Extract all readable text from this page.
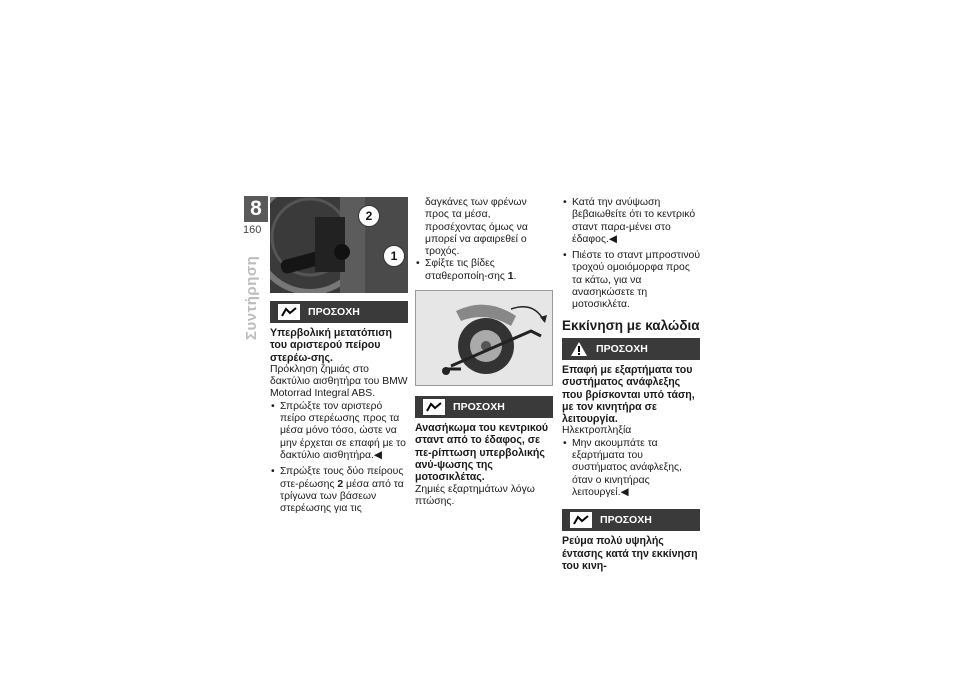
8
160
Συντήρηση
2
1
ΠΡΟΣΟΧΗ

Υπερβολική μετατόπιση του αριστερού πείρου στερέω-σης.

Πρόκληση ζημιάς στο δακτύλιο αισθητήρα του BMW Motorrad Integral ABS.

• Σπρώξτε τον αριστερό πείρο στερέωσης προς τα μέσα μόνο τόσο, ώστε να μην έρχεται σε επαφή με το δακτύλιο αισθητήρα.◀

• Σπρώξτε τους δύο πείρους στε-ρέωσης 2 μέσα από τα τρίγωνα των βάσεων στερέωσης για τις

δαγκάνες των φρένων προς τα μέσα, προσέχοντας όμως να μπορεί να αφαιρεθεί ο τροχός.

• Σφίξτε τις βίδες σταθεροποίη-σης 1.

ΠΡΟΣΟΧΗ

Ανασήκωμα του κεντρικού σταντ από το έδαφος, σε πε-ρίπτωση υπερβολικής ανύ-ψωσης της μοτοσικλέτας.

Ζημιές εξαρτημάτων λόγω πτώσης.

• Κατά την ανύψωση βεβαιωθείτε ότι το κεντρικό σταντ παρα-μένει στο έδαφος.◀

• Πιέστε το σταντ μπροστινού τροχού ομοιόμορφα προς τα κάτω, για να ανασηκώσετε τη μοτοσικλέτα.

Εκκίνηση με καλώδια
ΠΡΟΣΟΧΗ

Επαφή με εξαρτήματα του συστήματος ανάφλεξης που βρίσκονται υπό τάση, με τον κινητήρα σε λειτουργία.

Ηλεκτροπληξία

• Μην ακουμπάτε τα εξαρτήματα του συστήματος ανάφλεξης, όταν ο κινητήρας λειτουργεί.◀

ΠΡΟΣΟΧΗ

Ρεύμα πολύ υψηλής έντασης κατά την εκκίνηση του κινη-
